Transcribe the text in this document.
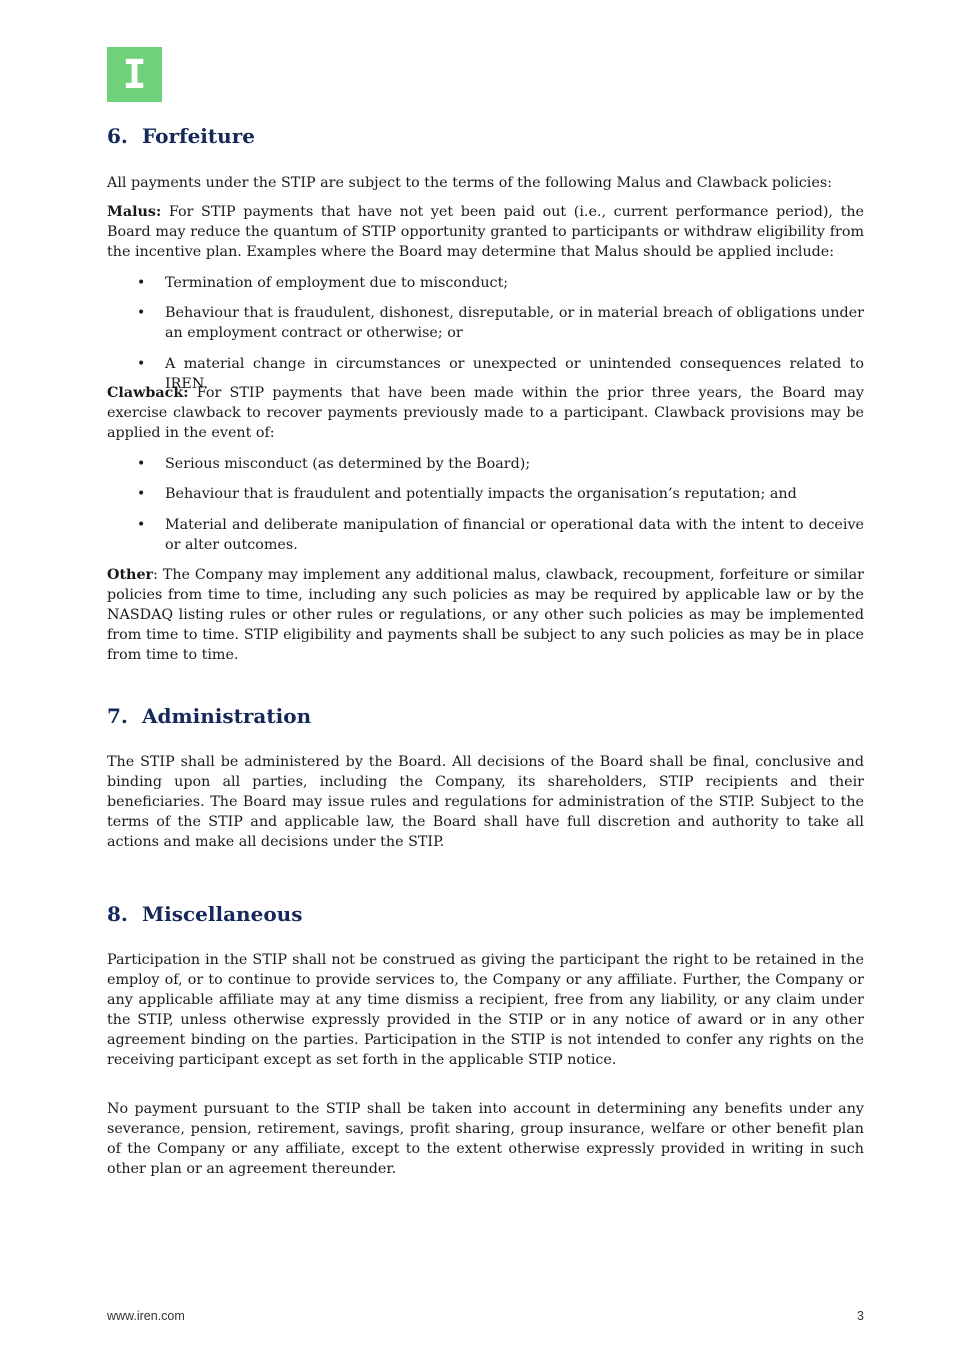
I
6. Forfeiture

All payments under the STIP are subject to the terms of the following Malus and Clawback policies:

Malus: For STIP payments that have not yet been paid out (i.e., current performance period), the Board may reduce the quantum of STIP opportunity granted to participants or withdraw eligibility from the incentive plan. Examples where the Board may determine that Malus should be applied include:

• Termination of employment due to misconduct;

• Behaviour that is fraudulent, dishonest, disreputable, or in material breach of obligations under an employment contract or otherwise; or

• A material change in circumstances or unexpected or unintended consequences related to IREN.

Clawback: For STIP payments that have been made within the prior three years, the Board may exercise clawback to recover payments previously made to a participant. Clawback provisions may be applied in the event of:

• Serious misconduct (as determined by the Board);

• Behaviour that is fraudulent and potentially impacts the organisation’s reputation; and

• Material and deliberate manipulation of financial or operational data with the intent to deceive or alter outcomes.

Other: The Company may implement any additional malus, clawback, recoupment, forfeiture or similar policies from time to time, including any such policies as may be required by applicable law or by the NASDAQ listing rules or other rules or regulations, or any other such policies as may be implemented from time to time. STIP eligibility and payments shall be subject to any such policies as may be in place from time to time.

7. Administration

The STIP shall be administered by the Board. All decisions of the Board shall be final, conclusive and binding upon all parties, including the Company, its shareholders, STIP recipients and their beneficiaries. The Board may issue rules and regulations for administration of the STIP. Subject to the terms of the STIP and applicable law, the Board shall have full discretion and authority to take all actions and make all decisions under the STIP.

8. Miscellaneous

Participation in the STIP shall not be construed as giving the participant the right to be retained in the employ of, or to continue to provide services to, the Company or any affiliate. Further, the Company or any applicable affiliate may at any time dismiss a recipient, free from any liability, or any claim under the STIP, unless otherwise expressly provided in the STIP or in any notice of award or in any other agreement binding on the parties. Participation in the STIP is not intended to confer any rights on the receiving participant except as set forth in the applicable STIP notice.

No payment pursuant to the STIP shall be taken into account in determining any benefits under any severance, pension, retirement, savings, profit sharing, group insurance, welfare or other benefit plan of the Company or any affiliate, except to the extent otherwise expressly provided in writing in such other plan or an agreement thereunder.

www.iren.com	3
